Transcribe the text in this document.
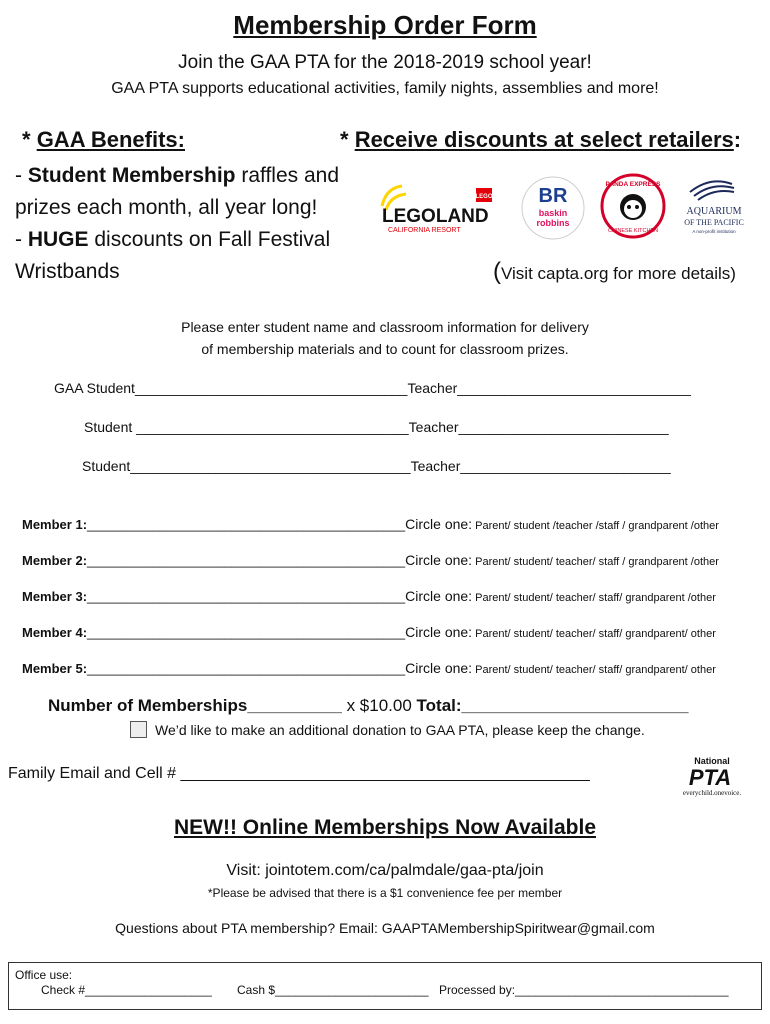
Membership Order Form
Join the GAA PTA for the 2018-2019 school year!
GAA PTA supports educational activities, family nights, assemblies and more!
* GAA Benefits:	* Receive discounts at select retailers:
- Student Membership raffles and prizes each month, all year long!
- HUGE discounts on Fall Festival Wristbands
LEGO
LEGOLAND
CALIFORNIA RESORT
BR
baskin
robbins
PANDA EXPRESS
CHINESE KITCHEN
AQUARIUM
OF THE PACIFIC
A non-profit institution
(Visit capta.org for more details)
Please enter student name and classroom information for delivery
of membership materials and to count for classroom prizes.
GAA Student___________________________________Teacher______________________________
Student ___________________________________Teacher___________________________
Student____________________________________Teacher___________________________
Member 1:____________________________________________Circle one: Parent/ student /teacher /staff / grandparent /other
Member 2:____________________________________________Circle one: Parent/ student/ teacher/ staff / grandparent /other
Member 3:____________________________________________Circle one: Parent/ student/ teacher/ staff/ grandparent /other
Member 4:____________________________________________Circle one: Parent/ student/ teacher/ staff/ grandparent/ other
Member 5:____________________________________________Circle one: Parent/ student/ teacher/ staff/ grandparent/ other
Number of Memberships__________ x $10.00 Total:________________________
We’d like to make an additional donation to GAA PTA, please keep the change.
Family Email and Cell # ______________________________________________
National
PTA
everychild.onevoice.
NEW!! Online Memberships Now Available
Visit: jointotem.com/ca/palmdale/gaa-pta/join
*Please be advised that there is a $1 convenience fee per member
Questions about PTA membership? Email: GAAPTAMembershipSpiritwear@gmail.com
Office use:
Check #___________________ Cash $_______________________ Processed by:________________________________
